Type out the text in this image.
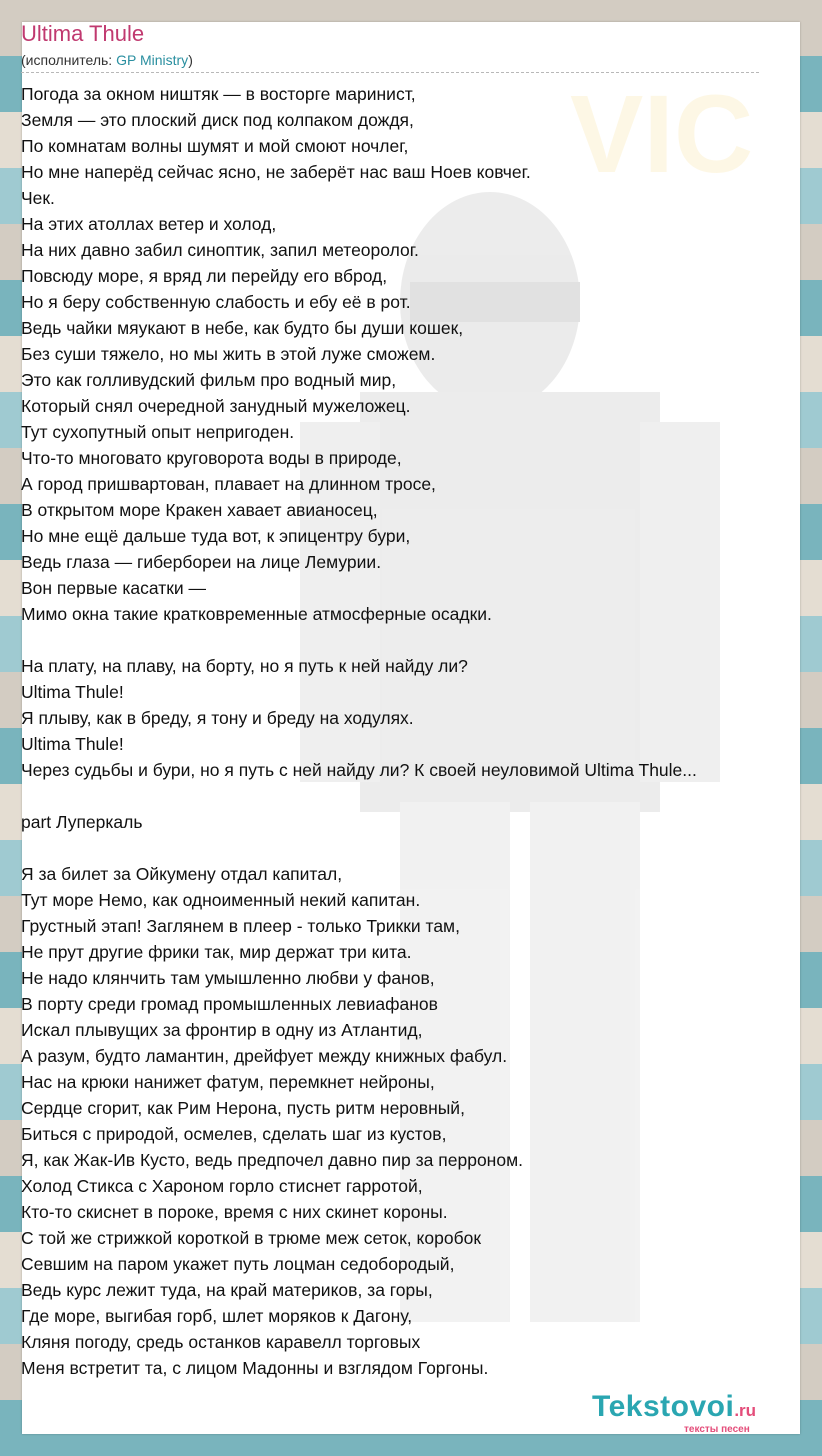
VIC
Ultima Thule
(исполнитель: GP Ministry)
Погода за окном ништяк — в восторге маринист,
Земля — это плоский диск под колпаком дождя,
По комнатам волны шумят и мой смоют ночлег,
Но мне наперёд сейчас ясно, не заберёт нас ваш Ноев ковчег.
Чек.
На этих атоллах ветер и холод,
На них давно забил синоптик, запил метеоролог.
Повсюду море, я вряд ли перейду его вброд,
Но я беру собственную слабость и ебу её в рот.
Ведь чайки мяукают в небе, как будто бы души кошек,
Без суши тяжело, но мы жить в этой луже сможем.
Это как голливудский фильм про водный мир,
Который снял очередной занудный мужеложец.
Тут сухопутный опыт непригоден.
Что-то многовато круговорота воды в природе,
А город пришвартован, плавает на длинном тросе,
В открытом море Кракен хавает авианосец,
Но мне ещё дальше туда вот, к эпицентру бури,
Ведь глаза — гибербореи на лице Лемурии.
Вон первые касатки —
Мимо окна такие кратковременные атмосферные осадки.
На плату, на плаву, на борту, но я путь к ней найду ли?
Ultima Thule!
Я плыву, как в бреду, я тону и бреду на ходулях.
Ultima Thule!
Через судьбы и бури, но я путь с ней найду ли? К своей неуловимой Ultima Thule...
part Луперкаль
Я за билет за Ойкумену отдал капитал,
Тут море Немо, как одноименный некий капитан.
Грустный этап! Заглянем в плеер - только Трикки там,
Не прут другие фрики так, мир держат три кита.
Не надо клянчить там умышленно любви у фанов,
В порту среди громад промышленных левиафанов
Искал плывущих за фронтир в одну из Атлантид,
А разум, будто ламантин, дрейфует между книжных фабул.
Нас на крюки нанижет фатум, перемкнет нейроны,
Сердце сгорит, как Рим Нерона, пусть ритм неровный,
Биться с природой, осмелев, сделать шаг из кустов,
Я, как Жак-Ив Кусто, ведь предпочел давно пир за перроном.
Холод Стикса с Хароном горло стиснет гарротой,
Кто-то скиснет в пороке, время с них скинет короны.
С той же стрижкой короткой в трюме меж сеток, коробок
Севшим на паром укажет путь лоцман седобородый,
Ведь курс лежит туда, на край материков, за горы,
Где море, выгибая горб, шлет моряков к Дагону,
Кляня погоду, средь останков каравелл торговых
Меня встретит та, с лицом Мадонны и взглядом Горгоны.
Tekstovoi.ru
тексты песен
